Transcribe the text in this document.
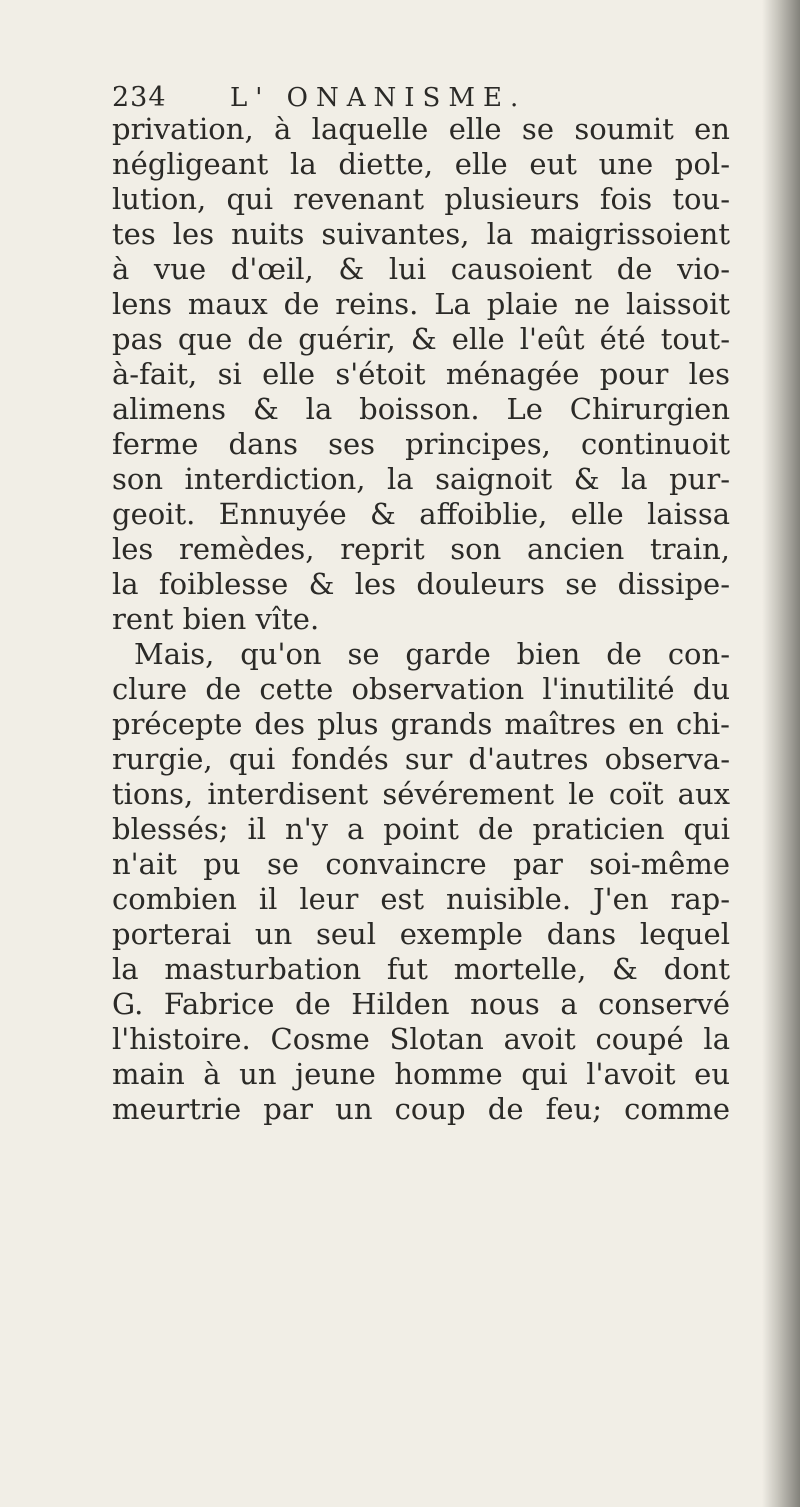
234	L' ONANISME.
privation, à laquelle elle se soumit en
négligeant la diette, elle eut une pol-
lution, qui revenant plusieurs fois tou-
tes les nuits suivantes, la maigrissoient
à vue d'œil, & lui causoient de vio-
lens maux de reins. La plaie ne laissoit
pas que de guérir, & elle l'eût été tout-
à-fait, si elle s'étoit ménagée pour les
alimens & la boisson. Le Chirurgien
ferme dans ses principes, continuoit
son interdiction, la saignoit & la pur-
geoit. Ennuyée & affoiblie, elle laissa
les remèdes, reprit son ancien train,
la foiblesse & les douleurs se dissipe-
rent bien vîte.
Mais, qu'on se garde bien de con-
clure de cette observation l'inutilité du
précepte des plus grands maîtres en chi-
rurgie, qui fondés sur d'autres observa-
tions, interdisent sévérement le coït aux
blessés; il n'y a point de praticien qui
n'ait pu se convaincre par soi-même
combien il leur est nuisible. J'en rap-
porterai un seul exemple dans lequel
la masturbation fut mortelle, & dont
G. Fabrice de Hilden nous a conservé
l'histoire. Cosme Slotan avoit coupé la
main à un jeune homme qui l'avoit eu
meurtrie par un coup de feu; comme
